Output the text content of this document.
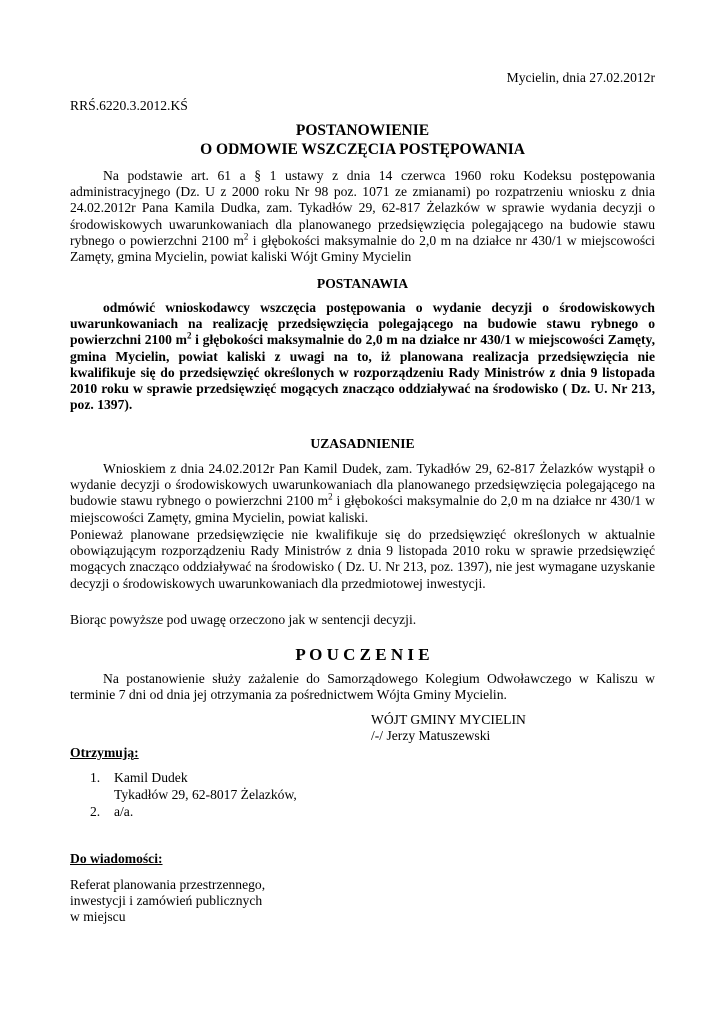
Mycielin, dnia 27.02.2012r
RRŚ.6220.3.2012.KŚ
POSTANOWIENIE
O ODMOWIE WSZCZĘCIA POSTĘPOWANIA

Na podstawie art. 61 a § 1 ustawy z dnia 14 czerwca 1960 roku Kodeksu postępowania administracyjnego (Dz. U z 2000 roku Nr 98 poz. 1071 ze zmianami) po rozpatrzeniu wniosku z dnia 24.02.2012r Pana Kamila Dudka, zam. Tykadłów 29, 62-817 Żelazków w sprawie wydania decyzji o środowiskowych uwarunkowaniach dla planowanego przedsięwzięcia polegającego na budowie stawu rybnego o powierzchni 2100 $m^2$ i głębokości maksymalnie do 2,0 m na działce nr 430/1 w miejscowości Zamęty, gmina Mycielin, powiat kaliski Wójt Gminy Mycielin

POSTANAWIA

odmówić wnioskodawcy wszczęcia postępowania o wydanie decyzji o środowiskowych uwarunkowaniach na realizację przedsięwzięcia polegającego na budowie stawu rybnego o powierzchni 2100 $m^2$ i głębokości maksymalnie do 2,0 m na działce nr 430/1 w miejscowości Zamęty, gmina Mycielin, powiat kaliski z uwagi na to, iż planowana realizacja przedsięwzięcia nie kwalifikuje się do przedsięwzięć określonych w rozporządzeniu Rady Ministrów z dnia 9 listopada 2010 roku w sprawie przedsięwzięć mogących znacząco oddziaływać na środowisko ( Dz. U. Nr 213, poz. 1397).

UZASADNIENIE

Wnioskiem z dnia 24.02.2012r Pan Kamil Dudek, zam. Tykadłów 29, 62-817 Żelazków wystąpił o wydanie decyzji o środowiskowych uwarunkowaniach dla planowanego przedsięwzięcia polegającego na budowie stawu rybnego o powierzchni 2100 $m^2$ i głębokości maksymalnie do 2,0 m na działce nr 430/1 w miejscowości Zamęty, gmina Mycielin, powiat kaliski.

Ponieważ planowane przedsięwzięcie nie kwalifikuje się do przedsięwzięć określonych w aktualnie obowiązującym rozporządzeniu Rady Ministrów z dnia 9 listopada 2010 roku w sprawie przedsięwzięć mogących znacząco oddziaływać na środowisko ( Dz. U. Nr 213, poz. 1397), nie jest wymagane uzyskanie decyzji o środowiskowych uwarunkowaniach dla przedmiotowej inwestycji.

Biorąc powyższe pod uwagę orzeczono jak w sentencji decyzji.

P O U C Z E N I E

Na postanowienie służy zażalenie do Samorządowego Kolegium Odwoławczego w Kaliszu w terminie 7 dni od dnia jej otrzymania za pośrednictwem Wójta Gminy Mycielin.

WÓJT GMINY MYCIELIN
/-/ Jerzy Matuszewski
Otrzymują:
1. Kamil Dudek
Tykadłów 29, 62-8017 Żelazków,
2. a/a.
Do wiadomości:
Referat planowania przestrzennego,
inwestycji i zamówień publicznych
w miejscu
